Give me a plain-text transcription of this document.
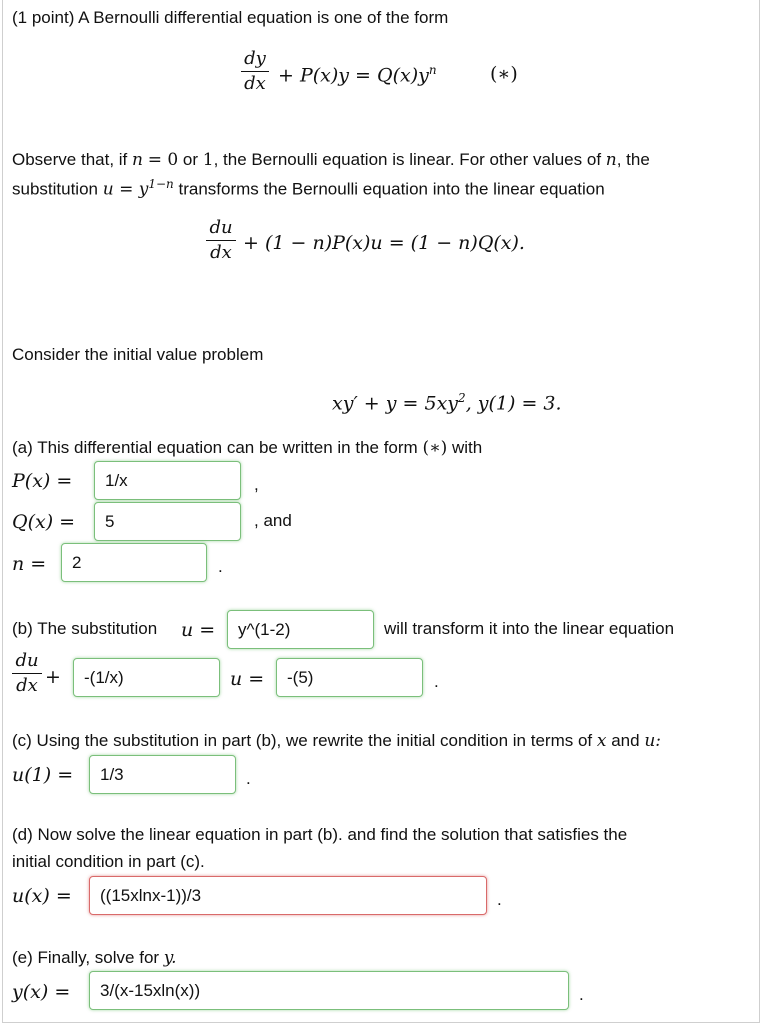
(1 point) A Bernoulli differential equation is one of the form
dy
dx + $P(x)y = Q(x)y^n$	(∗)
Observe that, if n = 0 or 1, the Bernoulli equation is linear. For other values of n, the
substitution $u = y^{1-n}$ transforms the Bernoulli equation into the linear equation
du
dx + (1 − n)P(x)u = (1 − n)Q(x).
Consider the initial value problem
$xy' + y = 5xy^2$, y(1) = 3.
(a) This differential equation can be written in the form (∗) with
P(x) =
1/x	,
Q(x) =
5	, and
n =
2	.
(b) The substitution u =
y^(1-2)	will transform it into the linear equation
du
dx +
-(1/x)	u =
-(5)	.
(c) Using the substitution in part (b), we rewrite the initial condition in terms of x and u:
u(1) =
1/3	.
(d) Now solve the linear equation in part (b). and find the solution that satisfies the
initial condition in part (c).
u(x) =
((15xlnx-1))/3	.
(e) Finally, solve for y.
y(x) =
3/(x-15xln(x))	.
